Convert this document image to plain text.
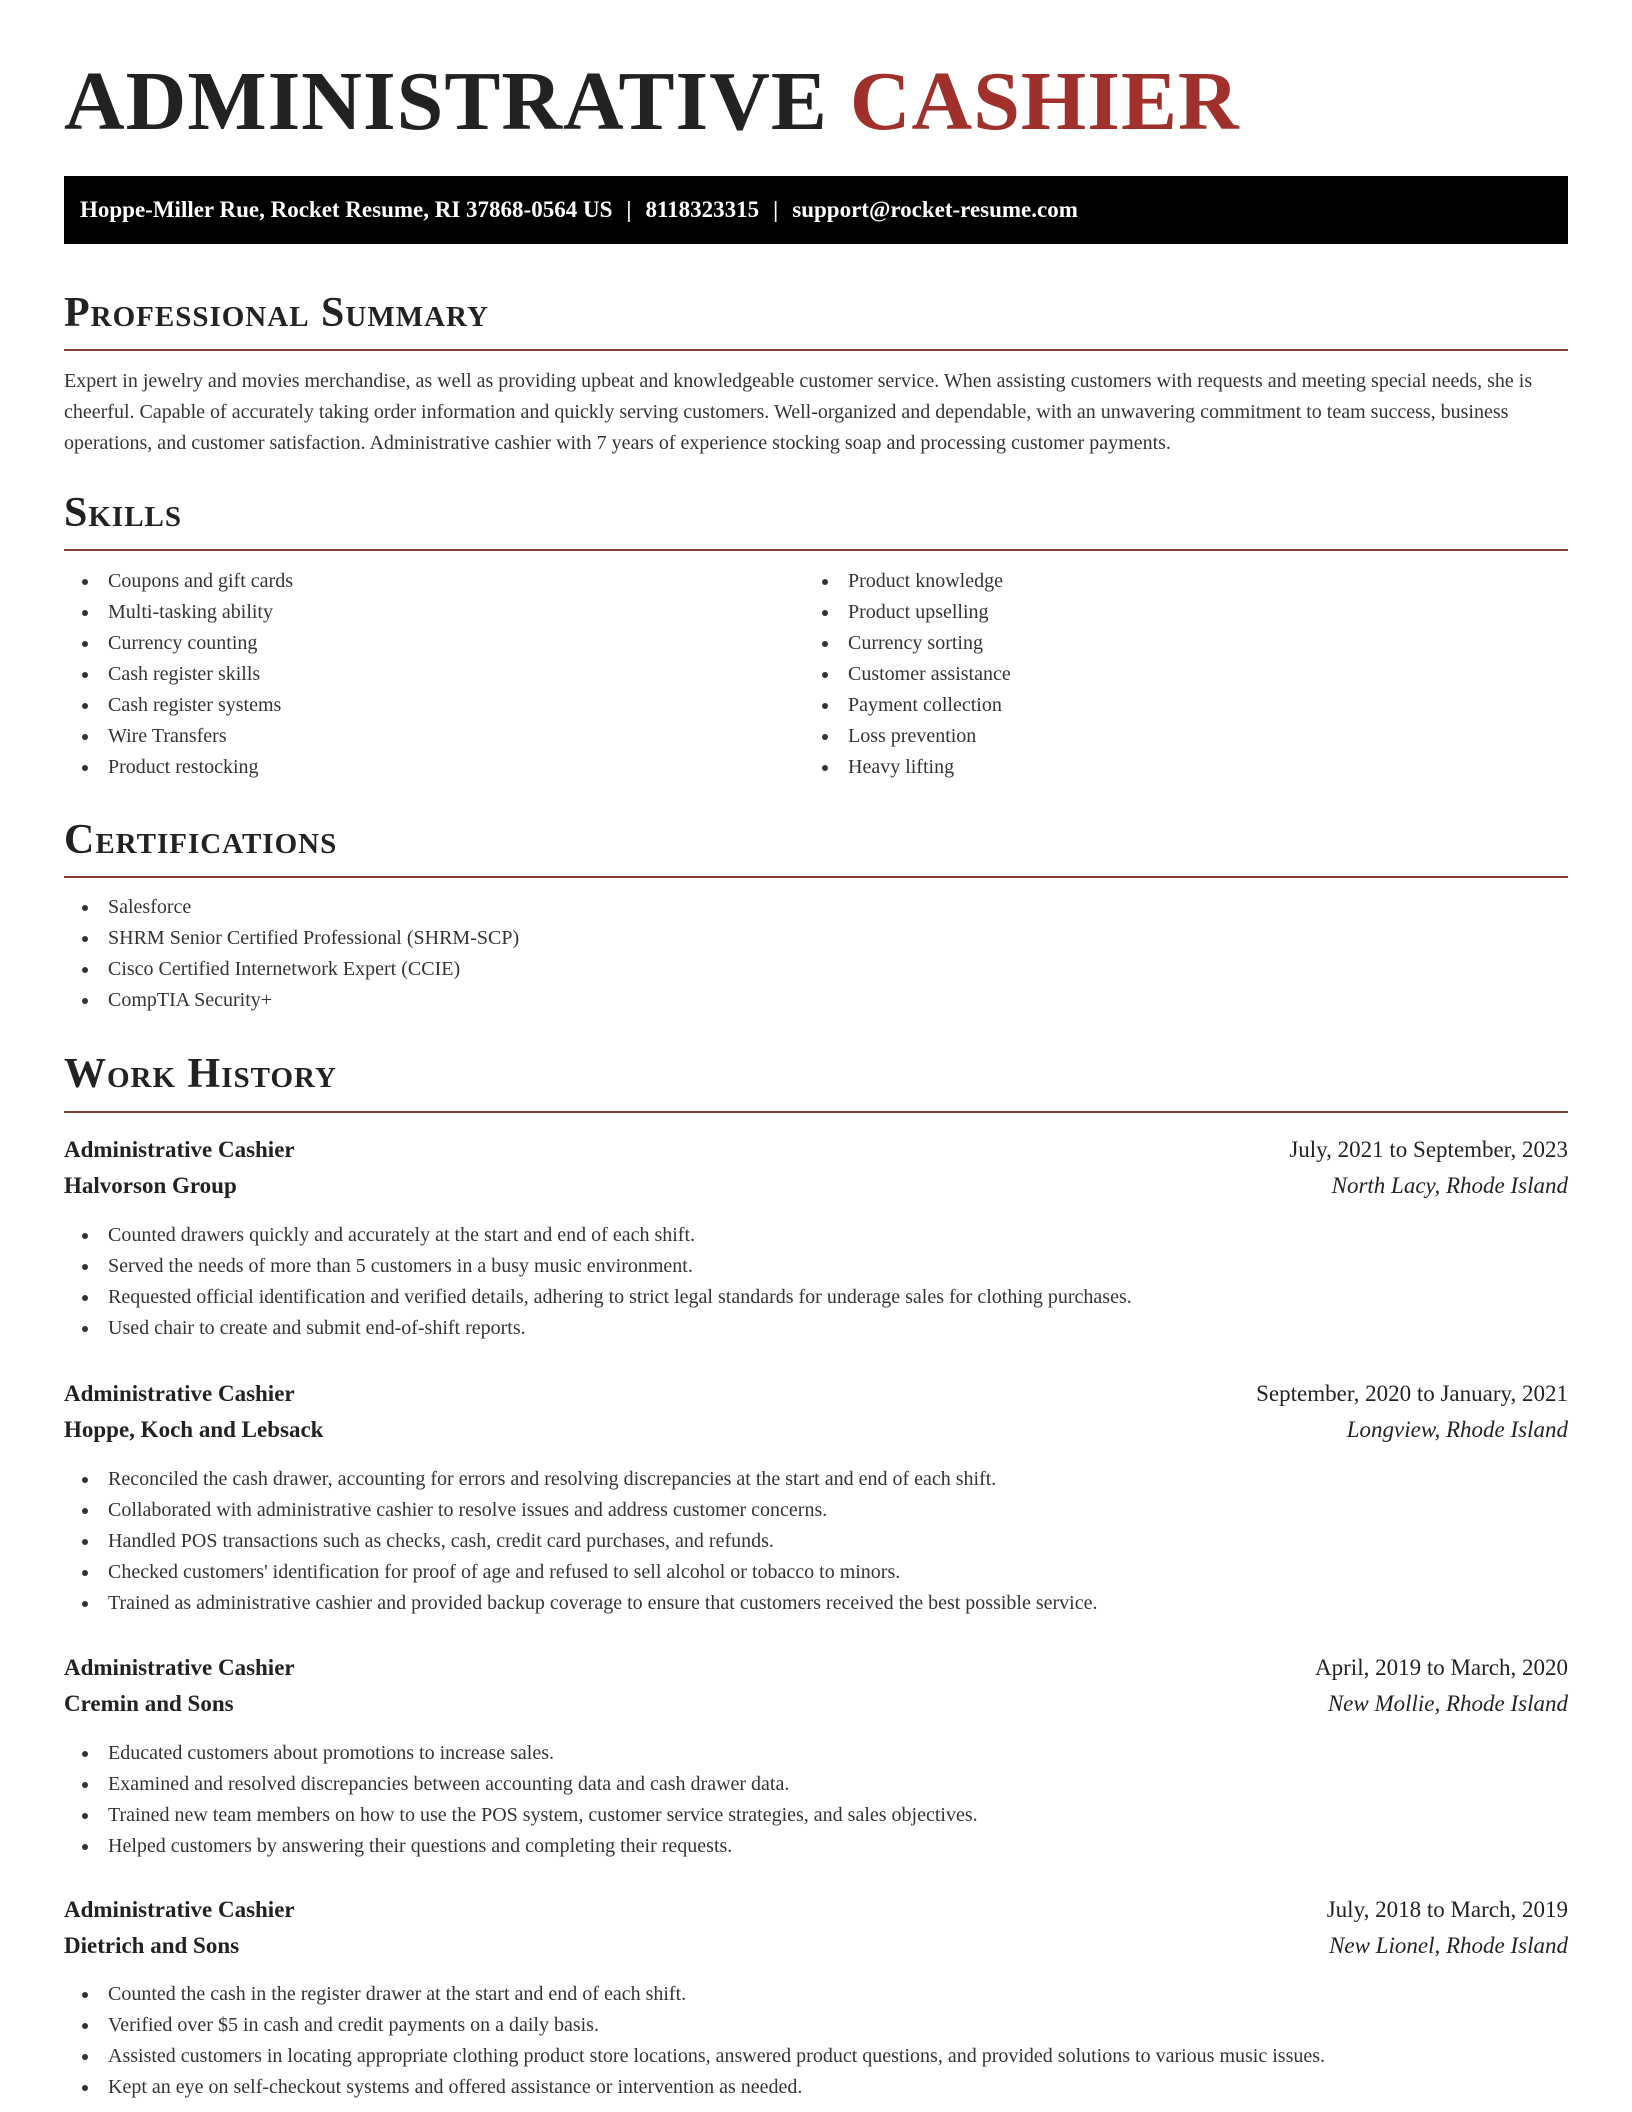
ADMINISTRATIVE CASHIER
Hoppe-Miller Rue, Rocket Resume, RI 37868-0564 US | 8118323315 | support@rocket-resume.com
Professional Summary

Expert in jewelry and movies merchandise, as well as providing upbeat and knowledgeable customer service. When assisting customers with requests and meeting special needs, she is cheerful. Capable of accurately taking order information and quickly serving customers. Well-organized and dependable, with an unwavering commitment to team success, business operations, and customer satisfaction. Administrative cashier with 7 years of experience stocking soap and processing customer payments.

Skills
Coupons and gift cards
Multi-tasking ability
Currency counting
Cash register skills
Cash register systems
Wire Transfers
Product restocking
Product knowledge
Product upselling
Currency sorting
Customer assistance
Payment collection
Loss prevention
Heavy lifting
Certifications
Salesforce
SHRM Senior Certified Professional (SHRM-SCP)
Cisco Certified Internetwork Expert (CCIE)
CompTIA Security+
Work History
Administrative Cashier	July, 2021 to September, 2023
Halvorson Group	North Lacy, Rhode Island
Counted drawers quickly and accurately at the start and end of each shift.
Served the needs of more than 5 customers in a busy music environment.
Requested official identification and verified details, adhering to strict legal standards for underage sales for clothing purchases.
Used chair to create and submit end-of-shift reports.
Administrative Cashier	September, 2020 to January, 2021
Hoppe, Koch and Lebsack	Longview, Rhode Island
Reconciled the cash drawer, accounting for errors and resolving discrepancies at the start and end of each shift.
Collaborated with administrative cashier to resolve issues and address customer concerns.
Handled POS transactions such as checks, cash, credit card purchases, and refunds.
Checked customers' identification for proof of age and refused to sell alcohol or tobacco to minors.
Trained as administrative cashier and provided backup coverage to ensure that customers received the best possible service.
Administrative Cashier	April, 2019 to March, 2020
Cremin and Sons	New Mollie, Rhode Island
Educated customers about promotions to increase sales.
Examined and resolved discrepancies between accounting data and cash drawer data.
Trained new team members on how to use the POS system, customer service strategies, and sales objectives.
Helped customers by answering their questions and completing their requests.
Administrative Cashier	July, 2018 to March, 2019
Dietrich and Sons	New Lionel, Rhode Island
Counted the cash in the register drawer at the start and end of each shift.
Verified over $5 in cash and credit payments on a daily basis.
Assisted customers in locating appropriate clothing product store locations, answered product questions, and provided solutions to various music issues.
Kept an eye on self-checkout systems and offered assistance or intervention as needed.
